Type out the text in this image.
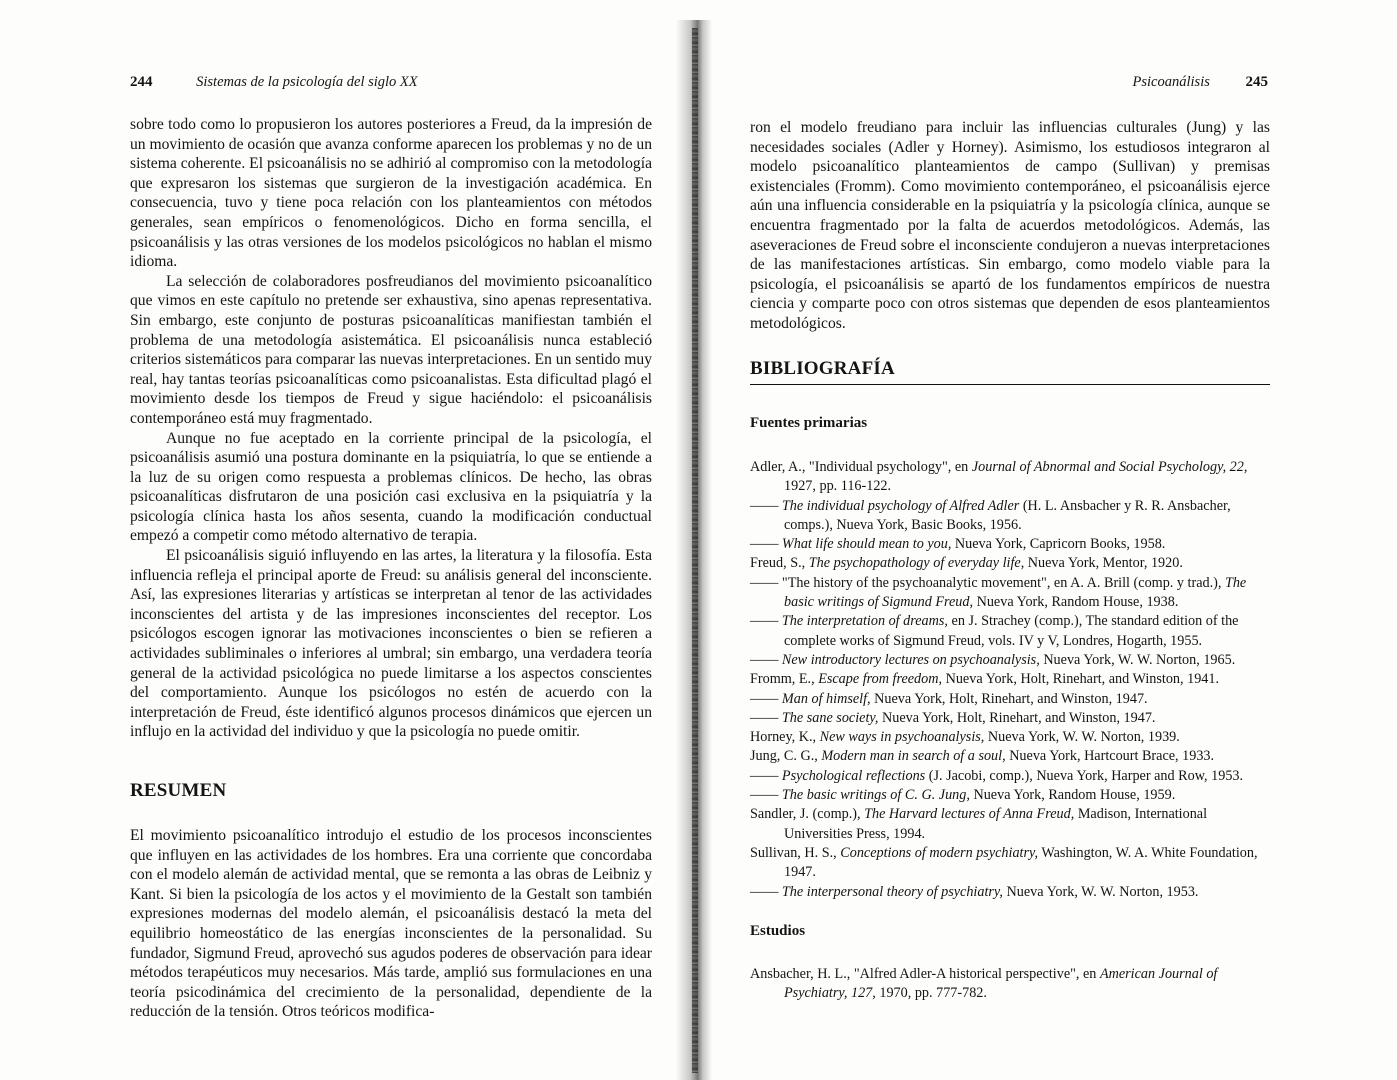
244	Sistemas de la psicología del siglo XX

sobre todo como lo propusieron los autores posteriores a Freud, da la impresión de un movimiento de ocasión que avanza conforme aparecen los problemas y no de un sistema coherente. El psicoanálisis no se adhirió al compromiso con la metodología que expresaron los sistemas que surgieron de la investigación académica. En consecuencia, tuvo y tiene poca relación con los planteamientos con métodos generales, sean empíricos o fenomenológicos. Dicho en forma sencilla, el psicoanálisis y las otras versiones de los modelos psicológicos no hablan el mismo idioma.

La selección de colaboradores posfreudianos del movimiento psicoanalítico que vimos en este capítulo no pretende ser exhaustiva, sino apenas representativa. Sin embargo, este conjunto de posturas psicoanalíticas manifiestan también el problema de una metodología asistemática. El psicoanálisis nunca estableció criterios sistemáticos para comparar las nuevas interpretaciones. En un sentido muy real, hay tantas teorías psicoanalíticas como psicoanalistas. Esta dificultad plagó el movimiento desde los tiempos de Freud y sigue haciéndolo: el psicoanálisis contemporáneo está muy fragmentado.

Aunque no fue aceptado en la corriente principal de la psicología, el psicoanálisis asumió una postura dominante en la psiquiatría, lo que se entiende a la luz de su origen como respuesta a problemas clínicos. De hecho, las obras psicoanalíticas disfrutaron de una posición casi exclusiva en la psiquiatría y la psicología clínica hasta los años sesenta, cuando la modificación conductual empezó a competir como método alternativo de terapia.

El psicoanálisis siguió influyendo en las artes, la literatura y la filosofía. Esta influencia refleja el principal aporte de Freud: su análisis general del inconsciente. Así, las expresiones literarias y artísticas se interpretan al tenor de las actividades inconscientes del artista y de las impresiones inconscientes del receptor. Los psicólogos escogen ignorar las motivaciones inconscientes o bien se refieren a actividades subliminales o inferiores al umbral; sin embargo, una verdadera teoría general de la actividad psicológica no puede limitarse a los aspectos conscientes del comportamiento. Aunque los psicólogos no estén de acuerdo con la interpretación de Freud, éste identificó algunos procesos dinámicos que ejercen un influjo en la actividad del individuo y que la psicología no puede omitir.

RESUMEN

El movimiento psicoanalítico introdujo el estudio de los procesos inconscientes que influyen en las actividades de los hombres. Era una corriente que concordaba con el modelo alemán de actividad mental, que se remonta a las obras de Leibniz y Kant. Si bien la psicología de los actos y el movimiento de la Gestalt son también expresiones modernas del modelo alemán, el psicoanálisis destacó la meta del equilibrio homeostático de las energías inconscientes de la personalidad. Su fundador, Sigmund Freud, aprovechó sus agudos poderes de observación para idear métodos terapéuticos muy necesarios. Más tarde, amplió sus formulaciones en una teoría psicodinámica del crecimiento de la personalidad, dependiente de la reducción de la tensión. Otros teóricos modifica-

Psicoanálisis 245

ron el modelo freudiano para incluir las influencias culturales (Jung) y las necesidades sociales (Adler y Horney). Asimismo, los estudiosos integraron al modelo psicoanalítico planteamientos de campo (Sullivan) y premisas existenciales (Fromm). Como movimiento contemporáneo, el psicoanálisis ejerce aún una influencia considerable en la psiquiatría y la psicología clínica, aunque se encuentra fragmentado por la falta de acuerdos metodológicos. Además, las aseveraciones de Freud sobre el inconsciente condujeron a nuevas interpretaciones de las manifestaciones artísticas. Sin embargo, como modelo viable para la psicología, el psicoanálisis se apartó de los fundamentos empíricos de nuestra ciencia y comparte poco con otros sistemas que dependen de esos planteamientos metodológicos.

BIBLIOGRAFÍA
Fuentes primarias
Adler, A., "Individual psychology", en Journal of Abnormal and Social Psychology, 22, 1927, pp. 116-122.
—— The individual psychology of Alfred Adler (H. L. Ansbacher y R. R. Ansbacher, comps.), Nueva York, Basic Books, 1956.
—— What life should mean to you, Nueva York, Capricorn Books, 1958.
Freud, S., The psychopathology of everyday life, Nueva York, Mentor, 1920.
—— "The history of the psychoanalytic movement", en A. A. Brill (comp. y trad.), The basic writings of Sigmund Freud, Nueva York, Random House, 1938.
—— The interpretation of dreams, en J. Strachey (comp.), The standard edition of the complete works of Sigmund Freud, vols. IV y V, Londres, Hogarth, 1955.
—— New introductory lectures on psychoanalysis, Nueva York, W. W. Norton, 1965.
Fromm, E., Escape from freedom, Nueva York, Holt, Rinehart, and Winston, 1941.
—— Man of himself, Nueva York, Holt, Rinehart, and Winston, 1947.
—— The sane society, Nueva York, Holt, Rinehart, and Winston, 1947.
Horney, K., New ways in psychoanalysis, Nueva York, W. W. Norton, 1939.
Jung, C. G., Modern man in search of a soul, Nueva York, Hartcourt Brace, 1933.
—— Psychological reflections (J. Jacobi, comp.), Nueva York, Harper and Row, 1953.
—— The basic writings of C. G. Jung, Nueva York, Random House, 1959.
Sandler, J. (comp.), The Harvard lectures of Anna Freud, Madison, International Universities Press, 1994.
Sullivan, H. S., Conceptions of modern psychiatry, Washington, W. A. White Foundation, 1947.
—— The interpersonal theory of psychiatry, Nueva York, W. W. Norton, 1953.
Estudios
Ansbacher, H. L., "Alfred Adler-A historical perspective", en American Journal of Psychiatry, 127, 1970, pp. 777-782.
